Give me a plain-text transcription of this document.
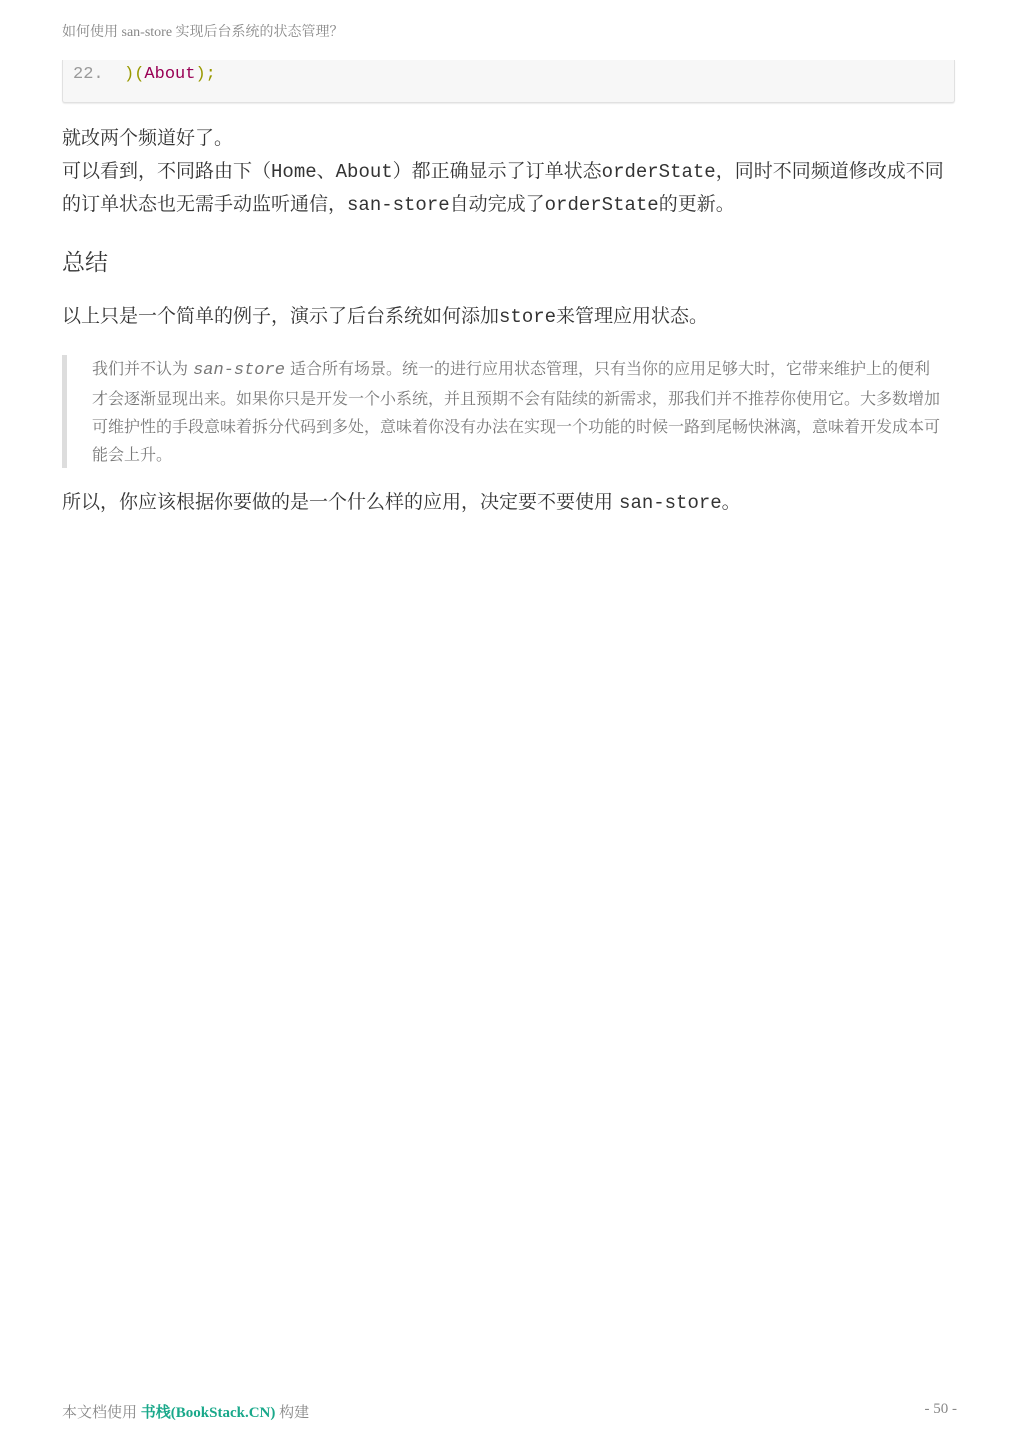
如何使用 san-store 实现后台系统的状态管理？
22. )(About);
就改两个频道好了。
可以看到，不同路由下（Home、About）都正确显示了订单状态orderState，同时不同频道修改成不同的订单状态也无需手动监听通信，san-store自动完成了orderState的更新。
总结
以上只是一个简单的例子，演示了后台系统如何添加store来管理应用状态。
我们并不认为 san-store 适合所有场景。统一的进行应用状态管理，只有当你的应用足够大时，它带来维护上的便利才会逐渐显现出来。如果你只是开发一个小系统，并且预期不会有陆续的新需求，那我们并不推荐你使用它。大多数增加可维护性的手段意味着拆分代码到多处，意味着你没有办法在实现一个功能的时候一路到尾畅快淋漓，意味着开发成本可能会上升。
所以，你应该根据你要做的是一个什么样的应用，决定要不要使用 san-store。
本文档使用 书栈(BookStack.CN) 构建	- 50 -
